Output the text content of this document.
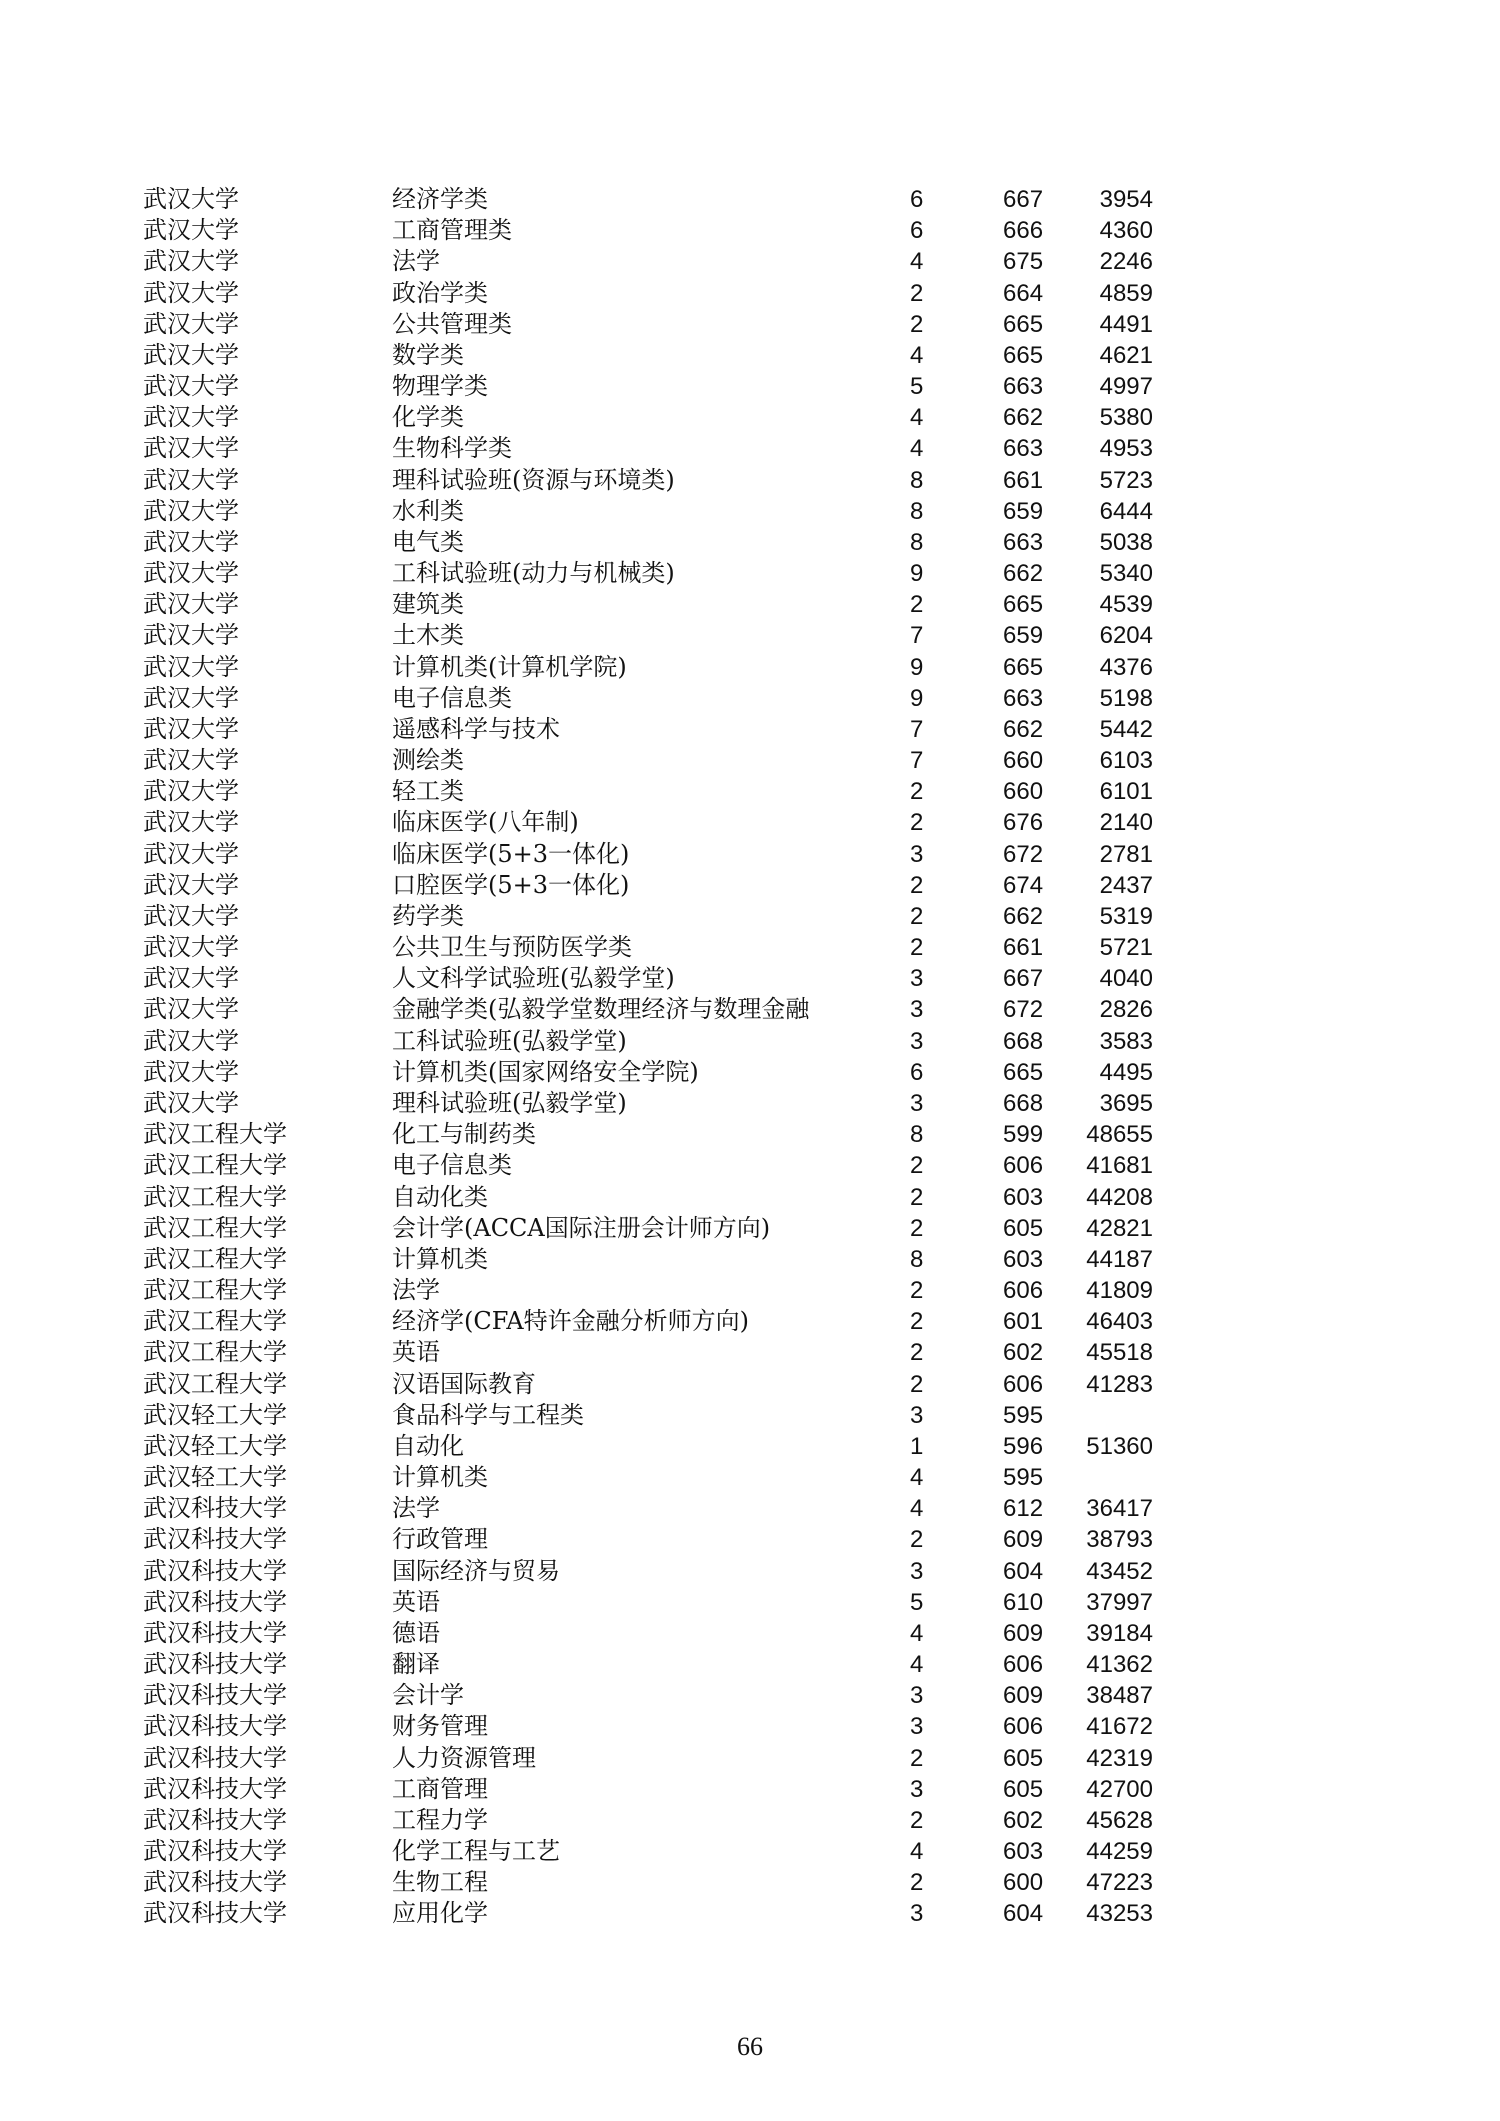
武汉大学	经济学类	6	667	3954
武汉大学	工商管理类	6	666	4360
武汉大学	法学	4	675	2246
武汉大学	政治学类	2	664	4859
武汉大学	公共管理类	2	665	4491
武汉大学	数学类	4	665	4621
武汉大学	物理学类	5	663	4997
武汉大学	化学类	4	662	5380
武汉大学	生物科学类	4	663	4953
武汉大学	理科试验班(资源与环境类)	8	661	5723
武汉大学	水利类	8	659	6444
武汉大学	电气类	8	663	5038
武汉大学	工科试验班(动力与机械类)	9	662	5340
武汉大学	建筑类	2	665	4539
武汉大学	土木类	7	659	6204
武汉大学	计算机类(计算机学院)	9	665	4376
武汉大学	电子信息类	9	663	5198
武汉大学	遥感科学与技术	7	662	5442
武汉大学	测绘类	7	660	6103
武汉大学	轻工类	2	660	6101
武汉大学	临床医学(八年制)	2	676	2140
武汉大学	临床医学(5+3一体化)	3	672	2781
武汉大学	口腔医学(5+3一体化)	2	674	2437
武汉大学	药学类	2	662	5319
武汉大学	公共卫生与预防医学类	2	661	5721
武汉大学	人文科学试验班(弘毅学堂)	3	667	4040
武汉大学	金融学类(弘毅学堂数理经济与数理金融	3	672	2826
武汉大学	工科试验班(弘毅学堂)	3	668	3583
武汉大学	计算机类(国家网络安全学院)	6	665	4495
武汉大学	理科试验班(弘毅学堂)	3	668	3695
武汉工程大学	化工与制药类	8	599	48655
武汉工程大学	电子信息类	2	606	41681
武汉工程大学	自动化类	2	603	44208
武汉工程大学	会计学(ACCA国际注册会计师方向)	2	605	42821
武汉工程大学	计算机类	8	603	44187
武汉工程大学	法学	2	606	41809
武汉工程大学	经济学(CFA特许金融分析师方向)	2	601	46403
武汉工程大学	英语	2	602	45518
武汉工程大学	汉语国际教育	2	606	41283
武汉轻工大学	食品科学与工程类	3	595
武汉轻工大学	自动化	1	596	51360
武汉轻工大学	计算机类	4	595
武汉科技大学	法学	4	612	36417
武汉科技大学	行政管理	2	609	38793
武汉科技大学	国际经济与贸易	3	604	43452
武汉科技大学	英语	5	610	37997
武汉科技大学	德语	4	609	39184
武汉科技大学	翻译	4	606	41362
武汉科技大学	会计学	3	609	38487
武汉科技大学	财务管理	3	606	41672
武汉科技大学	人力资源管理	2	605	42319
武汉科技大学	工商管理	3	605	42700
武汉科技大学	工程力学	2	602	45628
武汉科技大学	化学工程与工艺	4	603	44259
武汉科技大学	生物工程	2	600	47223
武汉科技大学	应用化学	3	604	43253
66
